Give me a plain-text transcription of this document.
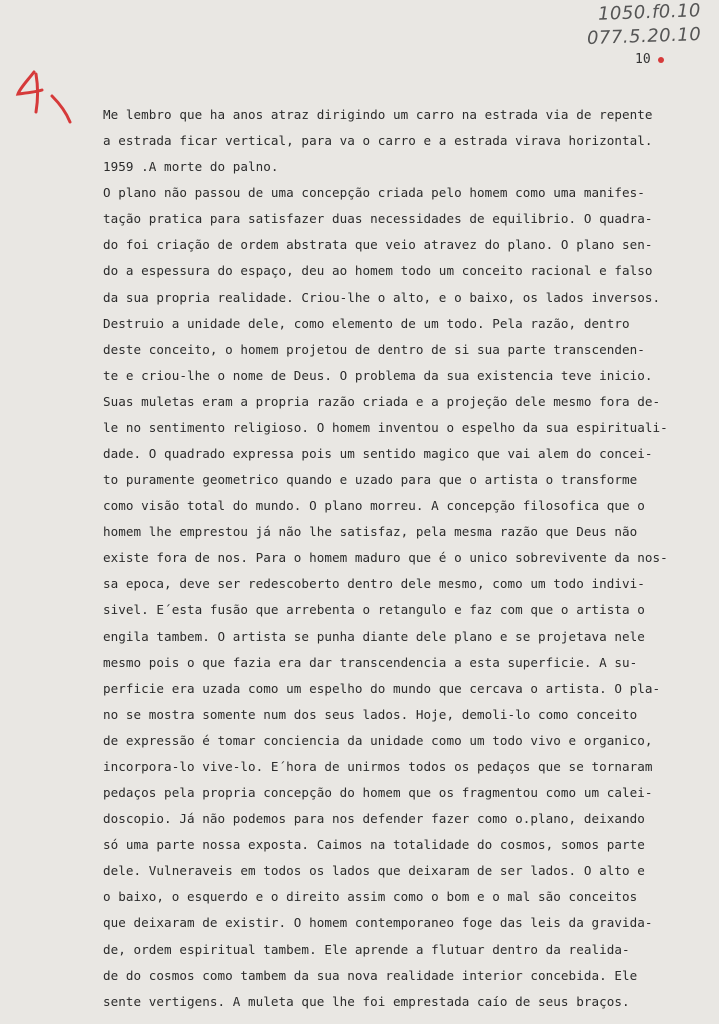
1050.f0.10
077.5.20.10
10
Me lembro que ha anos atraz dirigindo um carro na estrada via de repente
a estrada ficar vertical, para va o carro e a estrada virava horizontal.
1959 .A morte do palno.
O plano não passou de uma concepção criada pelo homem como uma manifes-
tação pratica para satisfazer duas necessidades de equilibrio. O quadra-
do foi criação de ordem abstrata que veio atravez do plano. O plano sen-
do a espessura do espaço, deu ao homem todo um conceito racional e falso
da sua propria realidade. Criou-lhe o alto, e o baixo, os lados inversos.
Destruio a unidade dele, como elemento de um todo. Pela razão, dentro
deste conceito, o homem projetou de dentro de si sua parte transcenden-
te e criou-lhe o nome de Deus. O problema da sua existencia teve inicio.
Suas muletas eram a propria razão criada e a projeção dele mesmo fora de-
le no sentimento religioso. O homem inventou o espelho da sua espirituali-
dade. O quadrado expressa pois um sentido magico que vai alem do concei-
to puramente geometrico quando e uzado para que o artista o transforme
como visão total do mundo. O plano morreu. A concepção filosofica que o
homem lhe emprestou já não lhe satisfaz, pela mesma razão que Deus não
existe fora de nos. Para o homem maduro que é o unico sobrevivente da nos-
sa epoca, deve ser redescoberto dentro dele mesmo, como um todo indivi-
sivel. E´esta fusão que arrebenta o retangulo e faz com que o artista o
engila tambem. O artista se punha diante dele plano e se projetava nele
mesmo pois o que fazia era dar transcendencia a esta superficie. A su-
perficie era uzada como um espelho do mundo que cercava o artista. O pla-
no se mostra somente num dos seus lados. Hoje, demoli-lo como conceito
de expressão é tomar conciencia da unidade como um todo vivo e organico,
incorpora-lo vive-lo. E´hora de unirmos todos os pedaços que se tornaram
pedaços pela propria concepção do homem que os fragmentou como um calei-
doscopio. Já não podemos para nos defender fazer como o.plano, deixando
só uma parte nossa exposta. Caimos na totalidade do cosmos, somos parte
dele. Vulneraveis em todos os lados que deixaram de ser lados. O alto e
o baixo, o esquerdo e o direito assim como o bom e o mal são conceitos
que deixaram de existir. O homem contemporaneo foge das leis da gravida-
de, ordem espiritual tambem. Ele aprende a flutuar dentro da realida-
de do cosmos como tambem da sua nova realidade interior concebida. Ele
sente vertigens. A muleta que lhe foi emprestada caío de seus braços.
